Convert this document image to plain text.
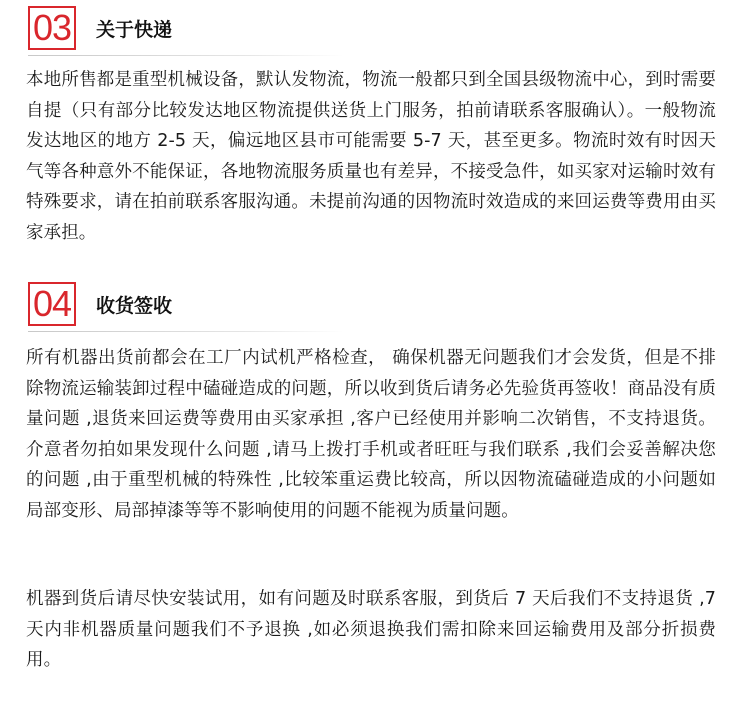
03 关于快递

本地所售都是重型机械设备，默认发物流，物流一般都只到全国县级物流中心，到时需要自提（只有部分比较发达地区物流提供送货上门服务，拍前请联系客服确认）。一般物流发达地区的地方 2-5 天，偏远地区县市可能需要 5-7 天，甚至更多。物流时效有时因天气等各种意外不能保证，各地物流服务质量也有差异，不接受急件，如买家对运输时效有特殊要求，请在拍前联系客服沟通。未提前沟通的因物流时效造成的来回运费等费用由买家承担。

04 收货签收

所有机器出货前都会在工厂内试机严格检查， 确保机器无问题我们才会发货，但是不排除物流运输装卸过程中磕碰造成的问题，所以收到货后请务必先验货再签收！商品没有质量问题 ,退货来回运费等费用由买家承担 ,客户已经使用并影响二次销售，不支持退货。介意者勿拍如果发现什么问题 ,请马上拨打手机或者旺旺与我们联系 ,我们会妥善解决您的问题 ,由于重型机械的特殊性 ,比较笨重运费比较高，所以因物流磕碰造成的小问题如局部变形、局部掉漆等等不影响使用的问题不能视为质量问题。

机器到货后请尽快安装试用，如有问题及时联系客服，到货后 7 天后我们不支持退货 ,7 天内非机器质量问题我们不予退换 ,如必须退换我们需扣除来回运输费用及部分折损费用。
